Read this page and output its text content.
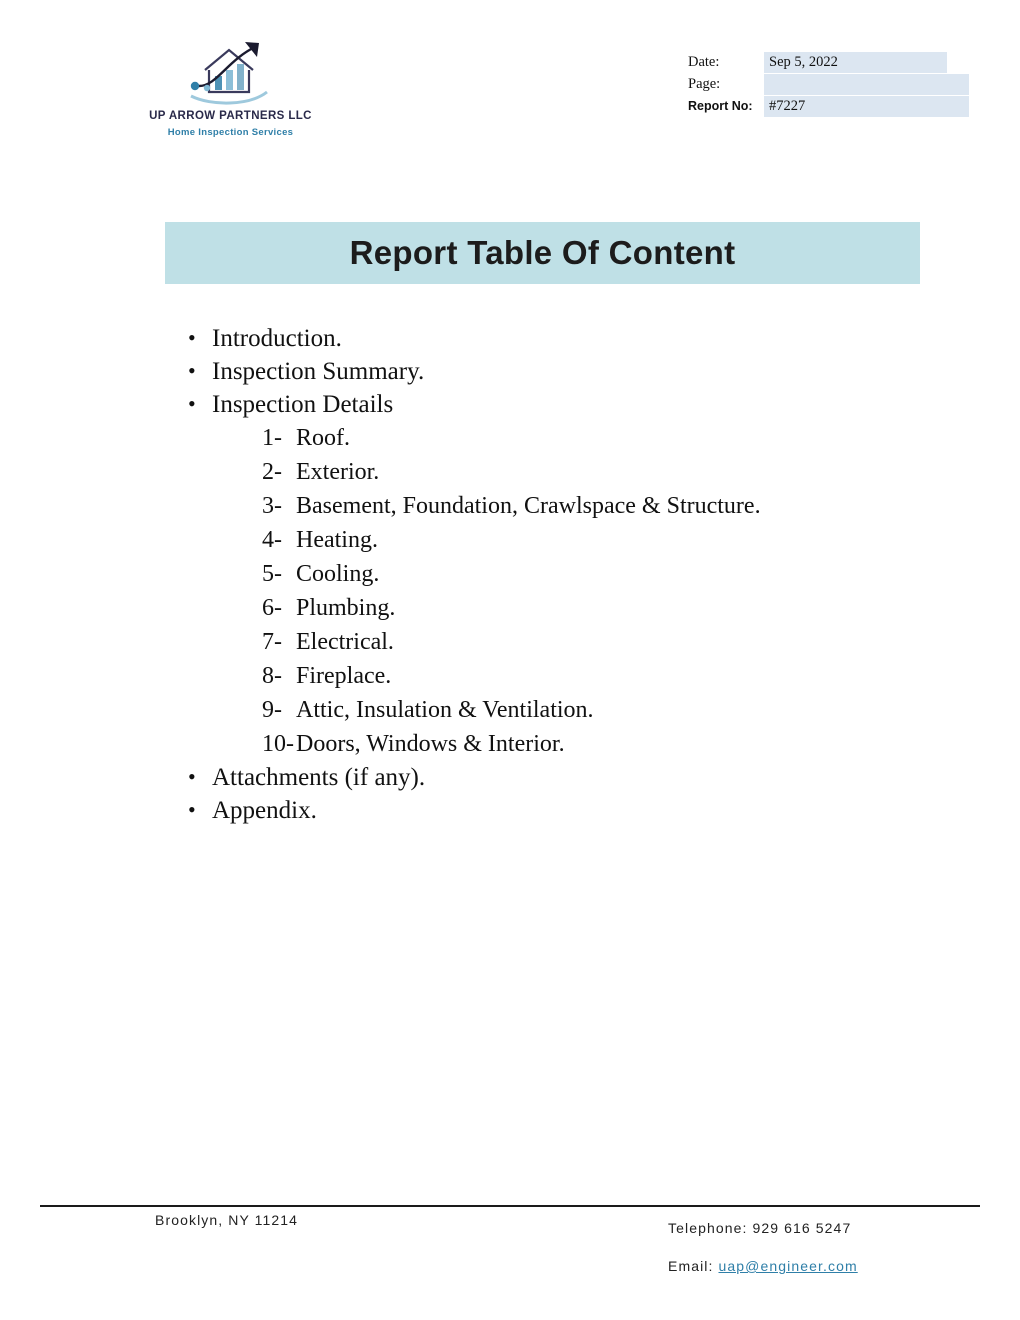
UP ARROW PARTNERS LLC
Home Inspection Services
Date:	Sep 5, 2022
Page:
Report No:	#7227
Report Table Of Content
• Introduction.
• Inspection Summary.
• Inspection Details
1- Roof.
2- Exterior.
3- Basement, Foundation, Crawlspace & Structure.
4- Heating.
5- Cooling.
6- Plumbing.
7- Electrical.
8- Fireplace.
9- Attic, Insulation & Ventilation.
10-Doors, Windows & Interior.
• Attachments (if any).
• Appendix.
Brooklyn, NY 11214	Telephone: 929 616 5247
Email: uap@engineer.com
